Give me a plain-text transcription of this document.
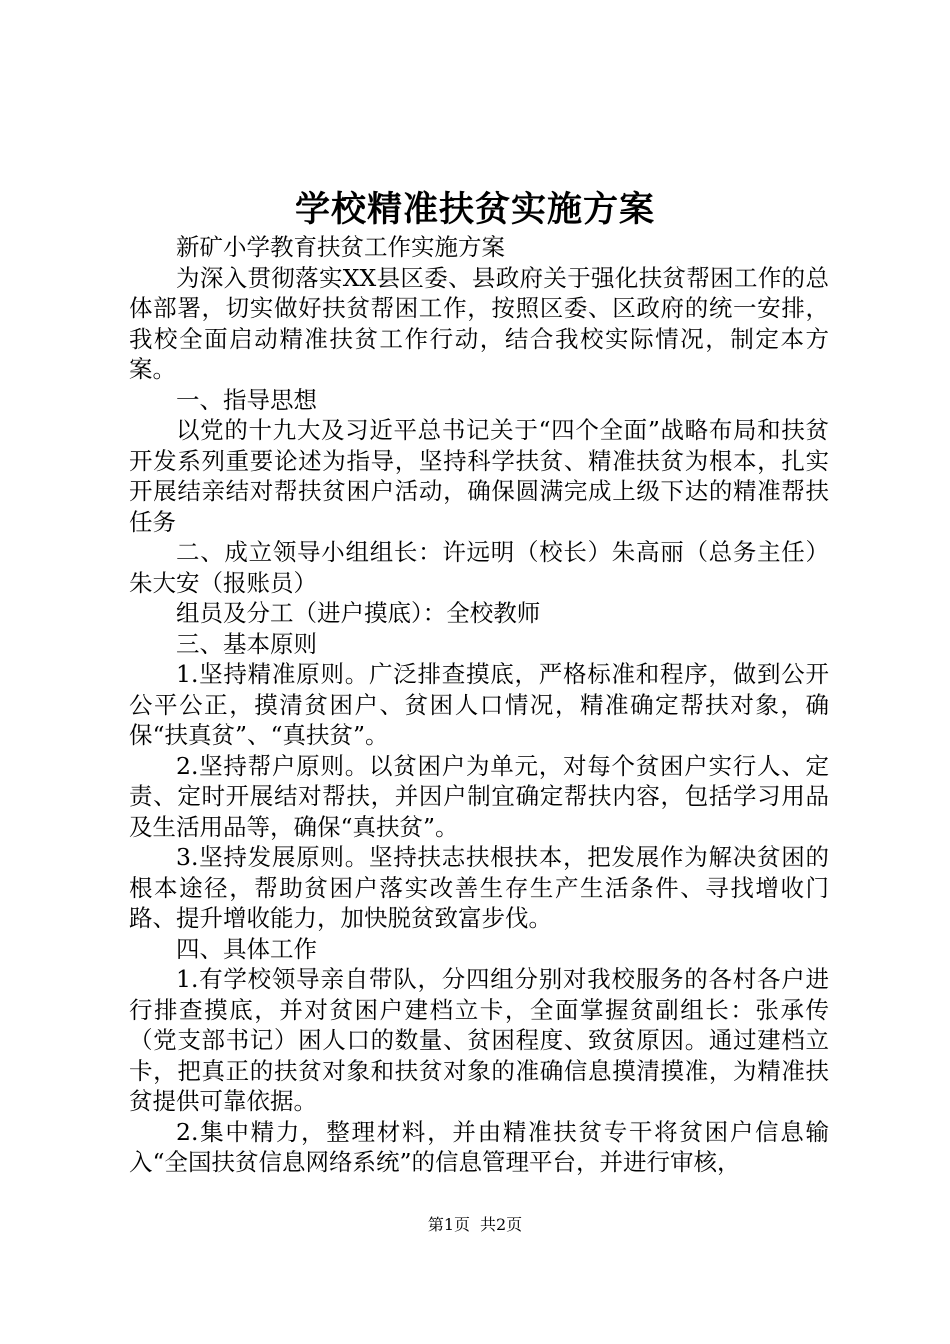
学校精准扶贫实施方案

新矿小学教育扶贫工作实施方案

为深入贯彻落实XX县区委、县政府关于强化扶贫帮困工作的总体部署，切实做好扶贫帮困工作，按照区委、区政府的统一安排，我校全面启动精准扶贫工作行动，结合我校实际情况，制定本方案。

一、指导思想

以党的十九大及习近平总书记关于“四个全面”战略布局和扶贫开发系列重要论述为指导，坚持科学扶贫、精准扶贫为根本，扎实开展结亲结对帮扶贫困户活动，确保圆满完成上级下达的精准帮扶任务

二、成立领导小组组长：许远明（校长）朱高丽（总务主任）朱大安（报账员）

组员及分工（进户摸底）：全校教师

三、基本原则

1.坚持精准原则。广泛排查摸底，严格标准和程序，做到公开公平公正，摸清贫困户、贫困人口情况，精准确定帮扶对象，确保“扶真贫”、“真扶贫”。

2.坚持帮户原则。以贫困户为单元，对每个贫困户实行人、定责、定时开展结对帮扶，并因户制宜确定帮扶内容，包括学习用品及生活用品等，确保“真扶贫”。

3.坚持发展原则。坚持扶志扶根扶本，把发展作为解决贫困的根本途径，帮助贫困户落实改善生存生产生活条件、寻找增收门路、提升增收能力，加快脱贫致富步伐。

四、具体工作

1.有学校领导亲自带队，分四组分别对我校服务的各村各户进行排查摸底，并对贫困户建档立卡，全面掌握贫副组长：张承传（党支部书记）困人口的数量、贫困程度、致贫原因。通过建档立卡，把真正的扶贫对象和扶贫对象的准确信息摸清摸准，为精准扶贫提供可靠依据。

2.集中精力，整理材料，并由精准扶贫专干将贫困户信息输入“全国扶贫信息网络系统”的信息管理平台，并进行审核，

第1页 共2页
